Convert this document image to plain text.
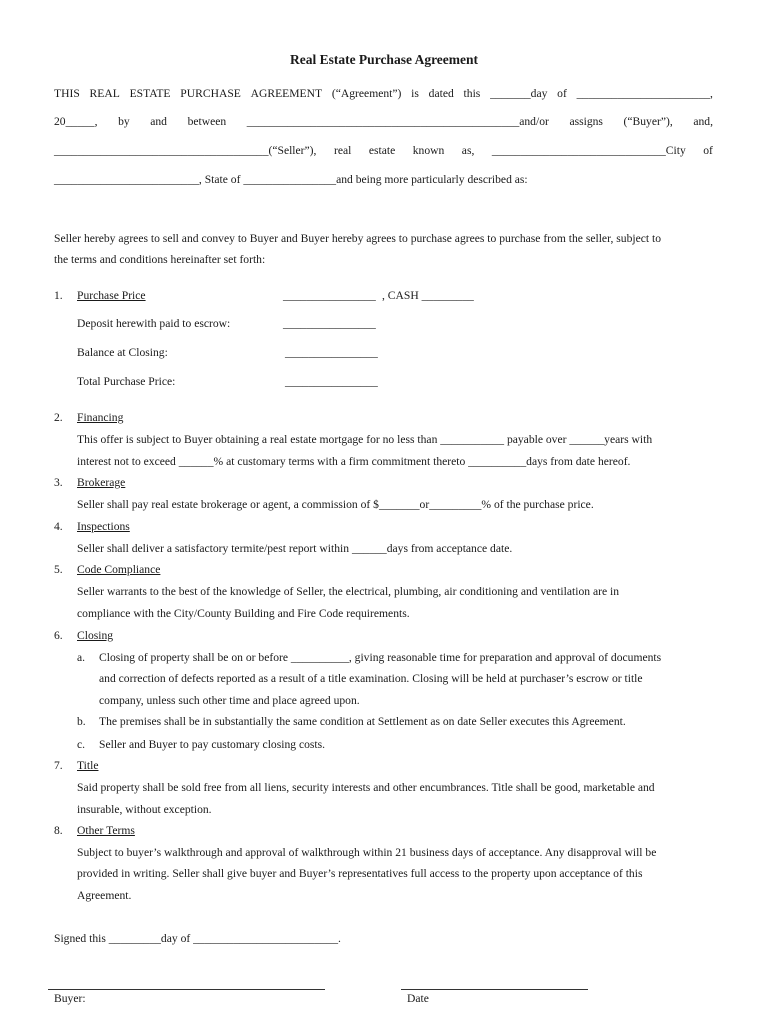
Real Estate Purchase Agreement
THIS REAL ESTATE PURCHASE AGREEMENT (“Agreement”) is dated this _______day of _______________________,
20_____, by and between _______________________________________________and/or assigns (“Buyer”), and,
_____________________________________(“Seller”), real estate known as, ______________________________City of
_________________________, State of ________________and being more particularly described as:
Seller hereby agrees to sell and convey to Buyer and Buyer hereby agrees to purchase agrees to purchase from the seller, subject to
the terms and conditions hereinafter set forth:
1. Purchase Price	________________ , CASH _________
Deposit herewith paid to escrow:	________________
Balance at Closing:	________________
Total Purchase Price:	________________
2. Financing
This offer is subject to Buyer obtaining a real estate mortgage for no less than ___________ payable over ______years with
interest not to exceed ______% at customary terms with a firm commitment thereto __________days from date hereof.
3. Brokerage
Seller shall pay real estate brokerage or agent, a commission of $_______or_________% of the purchase price.
4. Inspections
Seller shall deliver a satisfactory termite/pest report within ______days from acceptance date.
5. Code Compliance
Seller warrants to the best of the knowledge of Seller, the electrical, plumbing, air conditioning and ventilation are in
compliance with the City/County Building and Fire Code requirements.
6. Closing
a. Closing of property shall be on or before __________, giving reasonable time for preparation and approval of documents
and correction of defects reported as a result of a title examination. Closing will be held at purchaser’s escrow or title
company, unless such other time and place agreed upon.
b. The premises shall be in substantially the same condition at Settlement as on date Seller executes this Agreement.
c. Seller and Buyer to pay customary closing costs.
7. Title
Said property shall be sold free from all liens, security interests and other encumbrances. Title shall be good, marketable and
insurable, without exception.
8. Other Terms
Subject to buyer’s walkthrough and approval of walkthrough within 21 business days of acceptance. Any disapproval will be
provided in writing. Seller shall give buyer and Buyer’s representatives full access to the property upon acceptance of this
Agreement.
Signed this _________day of _________________________.
Buyer:	Date
